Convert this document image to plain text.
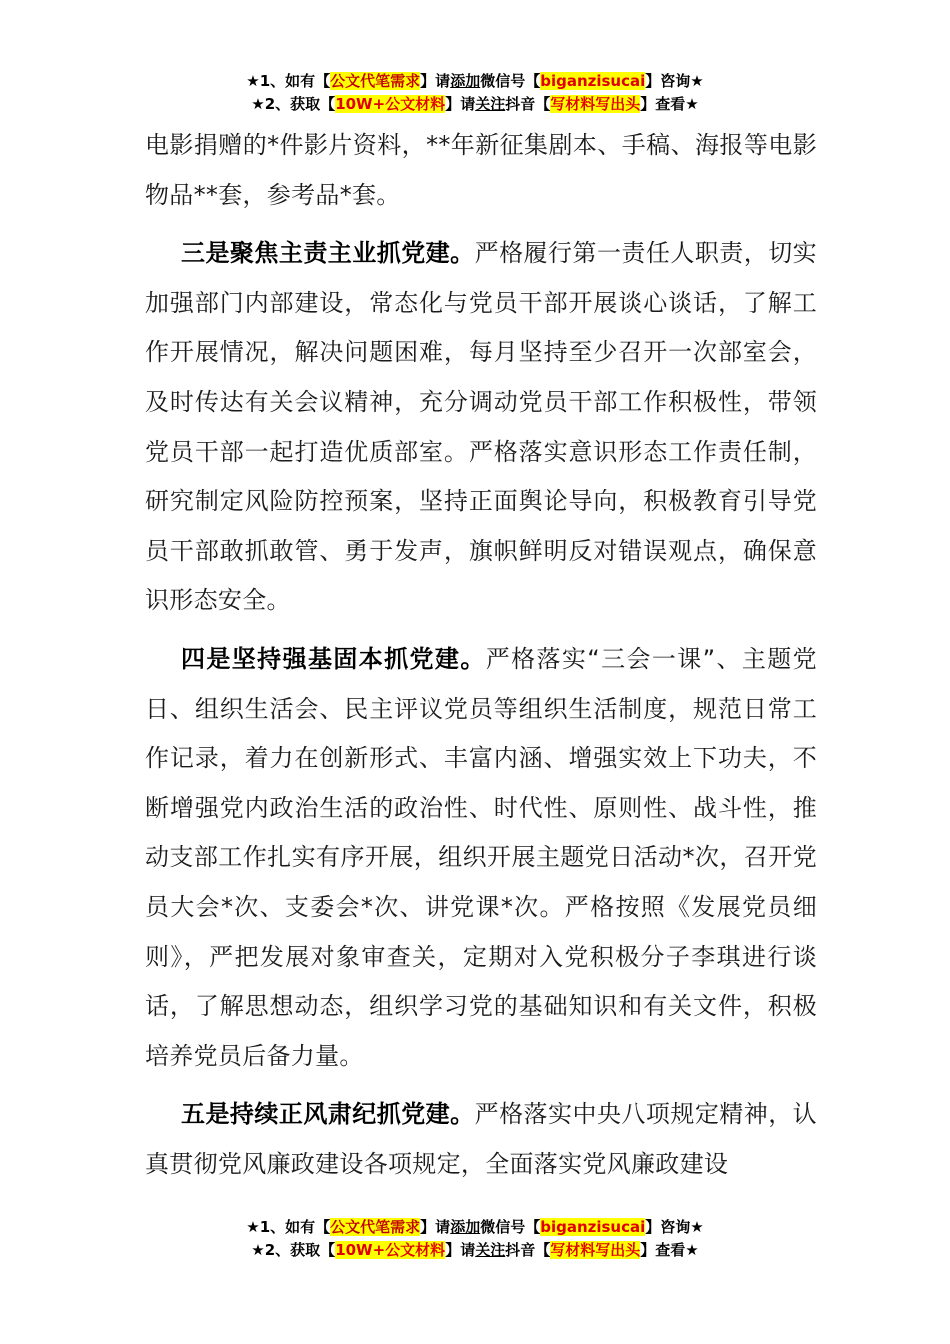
★1、如有【公文代笔需求】请添加微信号【biganzisucai】咨询★
★2、获取【10W+公文材料】请关注抖音【写材料写出头】查看★

电影捐赠的*件影片资料，**年新征集剧本、手稿、海报等电影物品**套，参考品*套。

三是聚焦主责主业抓党建。严格履行第一责任人职责，切实加强部门内部建设，常态化与党员干部开展谈心谈话，了解工作开展情况，解决问题困难，每月坚持至少召开一次部室会，及时传达有关会议精神，充分调动党员干部工作积极性，带领党员干部一起打造优质部室。严格落实意识形态工作责任制，研究制定风险防控预案，坚持正面舆论导向，积极教育引导党员干部敢抓敢管、勇于发声，旗帜鲜明反对错误观点，确保意识形态安全。

四是坚持强基固本抓党建。严格落实“三会一课”、主题党日、组织生活会、民主评议党员等组织生活制度，规范日常工作记录，着力在创新形式、丰富内涵、增强实效上下功夫，不断增强党内政治生活的政治性、时代性、原则性、战斗性，推动支部工作扎实有序开展，组织开展主题党日活动*次，召开党员大会*次、支委会*次、讲党课*次。严格按照《发展党员细则》，严把发展对象审查关，定期对入党积极分子李琪进行谈话，了解思想动态，组织学习党的基础知识和有关文件，积极培养党员后备力量。

五是持续正风肃纪抓党建。严格落实中央八项规定精神，认真贯彻党风廉政建设各项规定，全面落实党风廉政建设

★1、如有【公文代笔需求】请添加微信号【biganzisucai】咨询★
★2、获取【10W+公文材料】请关注抖音【写材料写出头】查看★
